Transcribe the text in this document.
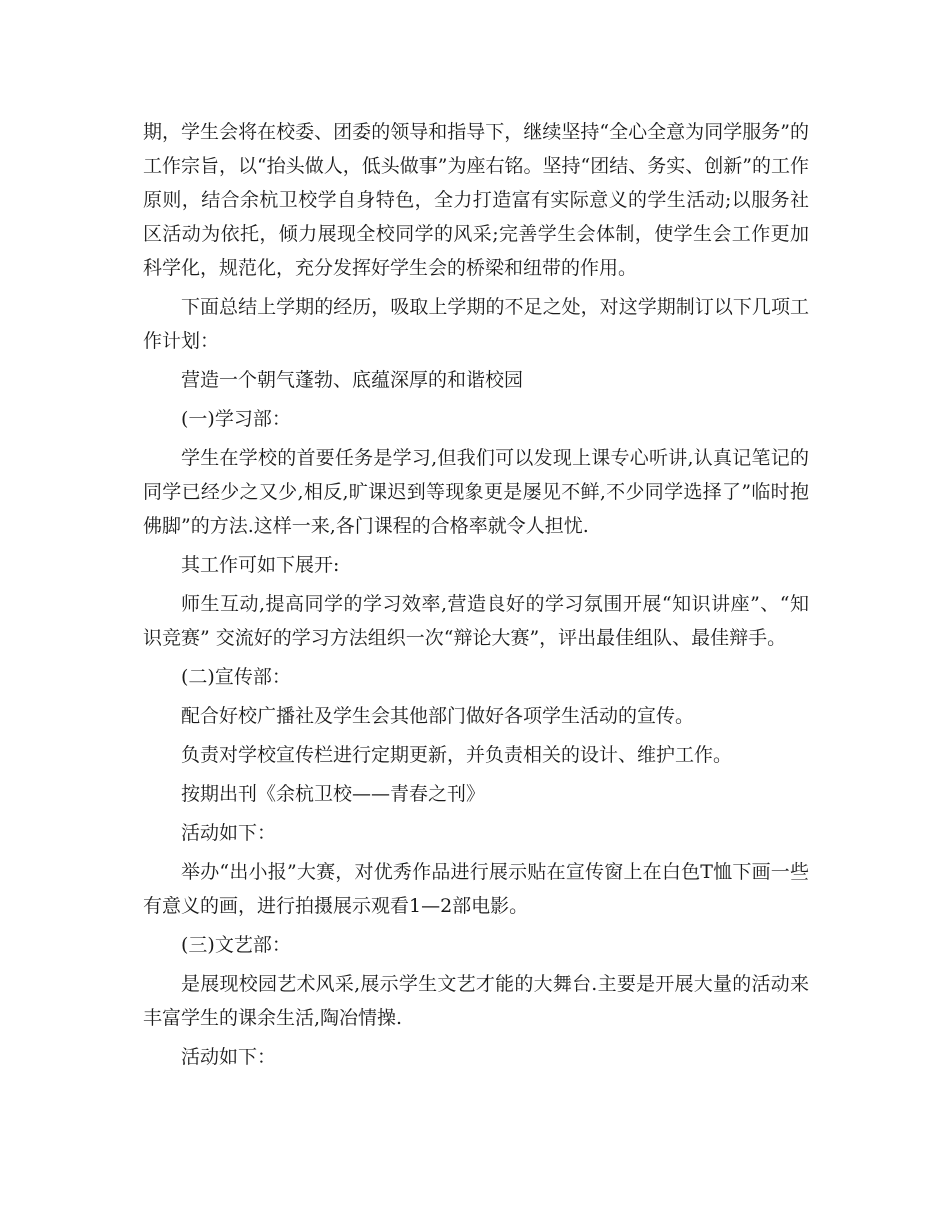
期，学生会将在校委、团委的领导和指导下，继续坚持“全心全意为同学服务”的工作宗旨，以“抬头做人，低头做事”为座右铭。坚持“团结、务实、创新”的工作原则，结合余杭卫校学自身特色，全力打造富有实际意义的学生活动;以服务社区活动为依托，倾力展现全校同学的风采;完善学生会体制，使学生会工作更加科学化，规范化，充分发挥好学生会的桥梁和纽带的作用。

下面总结上学期的经历，吸取上学期的不足之处，对这学期制订以下几项工作计划：

营造一个朝气蓬勃、底蕴深厚的和谐校园

(一)学习部：

学生在学校的首要任务是学习,但我们可以发现上课专心听讲,认真记笔记的同学已经少之又少,相反,旷课迟到等现象更是屡见不鲜,不少同学选择了”临时抱佛脚”的方法.这样一来,各门课程的合格率就令人担忧.

其工作可如下展开:

师生互动,提高同学的学习效率,营造良好的学习氛围开展“知识讲座”、“知识竞赛” 交流好的学习方法组织一次“辩论大赛”，评出最佳组队、最佳辩手。

(二)宣传部：

配合好校广播社及学生会其他部门做好各项学生活动的宣传。

负责对学校宣传栏进行定期更新，并负责相关的设计、维护工作。

按期出刊《余杭卫校——青春之刊》

活动如下：

举办“出小报”大赛，对优秀作品进行展示贴在宣传窗上在白色T恤下画一些有意义的画，进行拍摄展示观看1—2部电影。

(三)文艺部：

是展现校园艺术风采,展示学生文艺才能的大舞台.主要是开展大量的活动来丰富学生的课余生活,陶冶情操.

活动如下：
